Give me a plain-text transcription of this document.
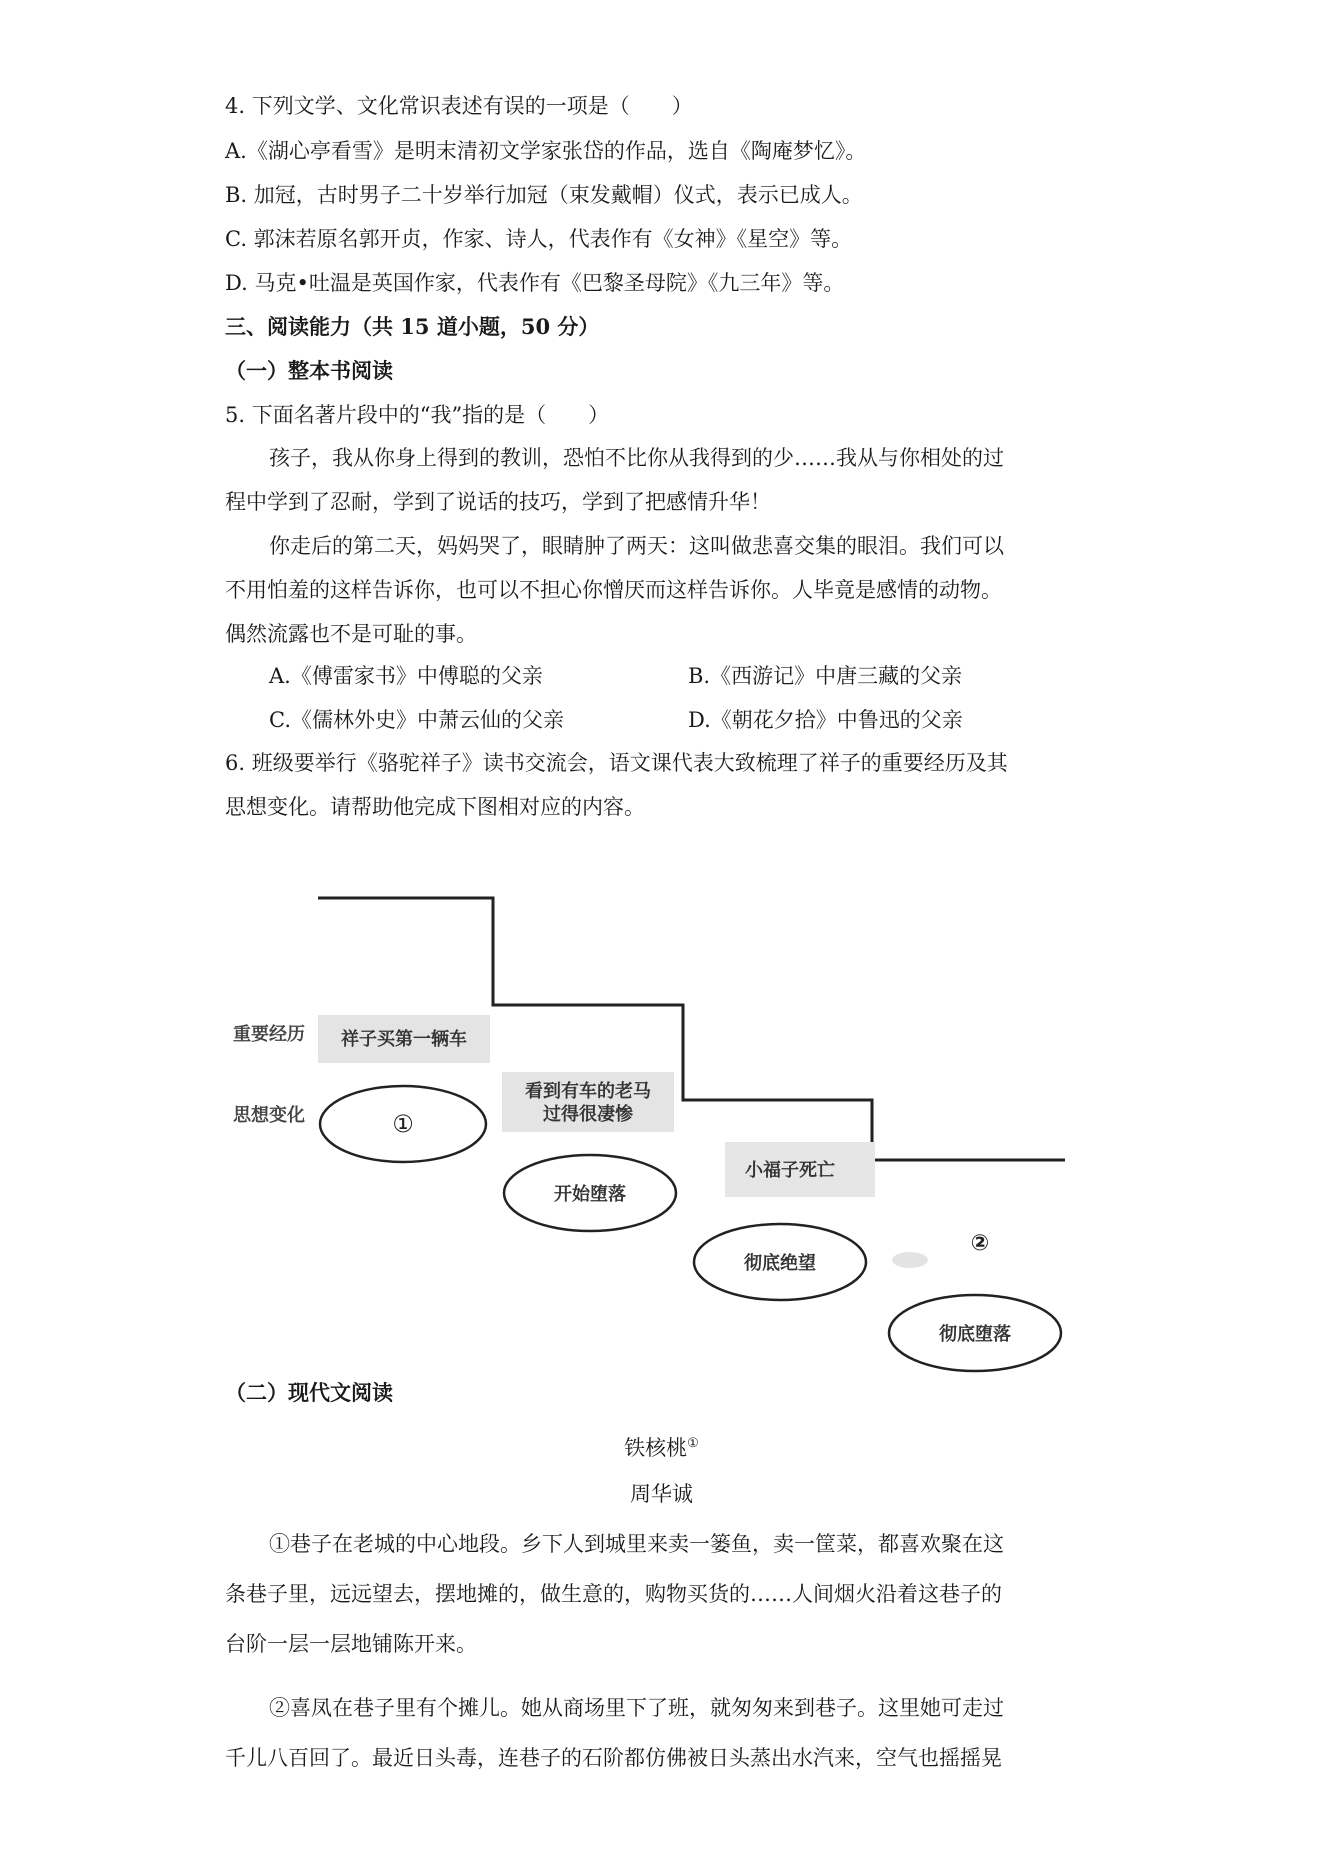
4. 下列文学、文化常识表述有误的一项是（　　）
A.《湖心亭看雪》是明末清初文学家张岱的作品，选自《陶庵梦忆》。
B. 加冠，古时男子二十岁举行加冠（束发戴帽）仪式，表示已成人。
C. 郭沫若原名郭开贞，作家、诗人，代表作有《女神》《星空》等。
D. 马克•吐温是英国作家，代表作有《巴黎圣母院》《九三年》等。
三、阅读能力（共 15 道小题，50 分）
（一）整本书阅读
5. 下面名著片段中的“我”指的是（　　）
孩子，我从你身上得到的教训，恐怕不比你从我得到的少……我从与你相处的过
程中学到了忍耐，学到了说话的技巧，学到了把感情升华！
你走后的第二天，妈妈哭了，眼睛肿了两天：这叫做悲喜交集的眼泪。我们可以
不用怕羞的这样告诉你，也可以不担心你憎厌而这样告诉你。人毕竟是感情的动物。
偶然流露也不是可耻的事。
A.《傅雷家书》中傅聪的父亲	B.《西游记》中唐三藏的父亲
C.《儒林外史》中萧云仙的父亲	D.《朝花夕拾》中鲁迅的父亲
6. 班级要举行《骆驼祥子》读书交流会，语文课代表大致梳理了祥子的重要经历及其
思想变化。请帮助他完成下图相对应的内容。
重要经历
思想变化
祥子买第一辆车
看到有车的老马
过得很凄惨
小福子死亡
②
①
开始堕落
彻底绝望
彻底堕落
（二）现代文阅读
铁核桃①
周华诚
①巷子在老城的中心地段。乡下人到城里来卖一篓鱼，卖一筐菜，都喜欢聚在这
条巷子里，远远望去，摆地摊的，做生意的，购物买货的……人间烟火沿着这巷子的
台阶一层一层地铺陈开来。
②喜凤在巷子里有个摊儿。她从商场里下了班，就匆匆来到巷子。这里她可走过
千儿八百回了。最近日头毒，连巷子的石阶都仿佛被日头蒸出水汽来，空气也摇摇晃
